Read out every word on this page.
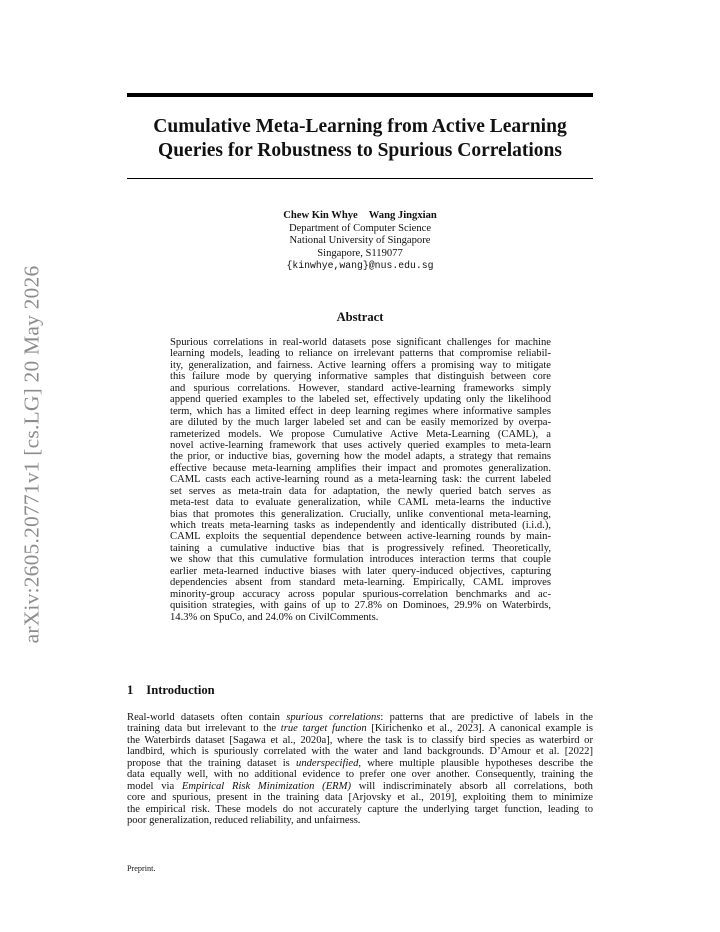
arXiv:2605.20771v1 [cs.LG] 20 May 2026
Cumulative Meta-Learning from Active Learning
Queries for Robustness to Spurious Correlations
Chew Kin Whye Wang Jingxian
Department of Computer Science
National University of Singapore
Singapore, S119077
{kinwhye,wang}@nus.edu.sg
Abstract
Spurious correlations in real-world datasets pose significant challenges for machine
learning models, leading to reliance on irrelevant patterns that compromise reliabil-
ity, generalization, and fairness. Active learning offers a promising way to mitigate
this failure mode by querying informative samples that distinguish between core
and spurious correlations. However, standard active-learning frameworks simply
append queried examples to the labeled set, effectively updating only the likelihood
term, which has a limited effect in deep learning regimes where informative samples
are diluted by the much larger labeled set and can be easily memorized by overpa-
rameterized models. We propose Cumulative Active Meta-Learning (CAML), a
novel active-learning framework that uses actively queried examples to meta-learn
the prior, or inductive bias, governing how the model adapts, a strategy that remains
effective because meta-learning amplifies their impact and promotes generalization.
CAML casts each active-learning round as a meta-learning task: the current labeled
set serves as meta-train data for adaptation, the newly queried batch serves as
meta-test data to evaluate generalization, while CAML meta-learns the inductive
bias that promotes this generalization. Crucially, unlike conventional meta-learning,
which treats meta-learning tasks as independently and identically distributed (i.i.d.),
CAML exploits the sequential dependence between active-learning rounds by main-
taining a cumulative inductive bias that is progressively refined. Theoretically,
we show that this cumulative formulation introduces interaction terms that couple
earlier meta-learned inductive biases with later query-induced objectives, capturing
dependencies absent from standard meta-learning. Empirically, CAML improves
minority-group accuracy across popular spurious-correlation benchmarks and ac-
quisition strategies, with gains of up to 27.8% on Dominoes, 29.9% on Waterbirds,
14.3% on SpuCo, and 24.0% on CivilComments.
1 Introduction
Real-world datasets often contain spurious correlations: patterns that are predictive of labels in the
training data but irrelevant to the true target function [Kirichenko et al., 2023]. A canonical example is
the Waterbirds dataset [Sagawa et al., 2020a], where the task is to classify bird species as waterbird or
landbird, which is spuriously correlated with the water and land backgrounds. D’Amour et al. [2022]
propose that the training dataset is underspecified, where multiple plausible hypotheses describe the
data equally well, with no additional evidence to prefer one over another. Consequently, training the
model via Empirical Risk Minimization (ERM) will indiscriminately absorb all correlations, both
core and spurious, present in the training data [Arjovsky et al., 2019], exploiting them to minimize
the empirical risk. These models do not accurately capture the underlying target function, leading to
poor generalization, reduced reliability, and unfairness.
Preprint.
